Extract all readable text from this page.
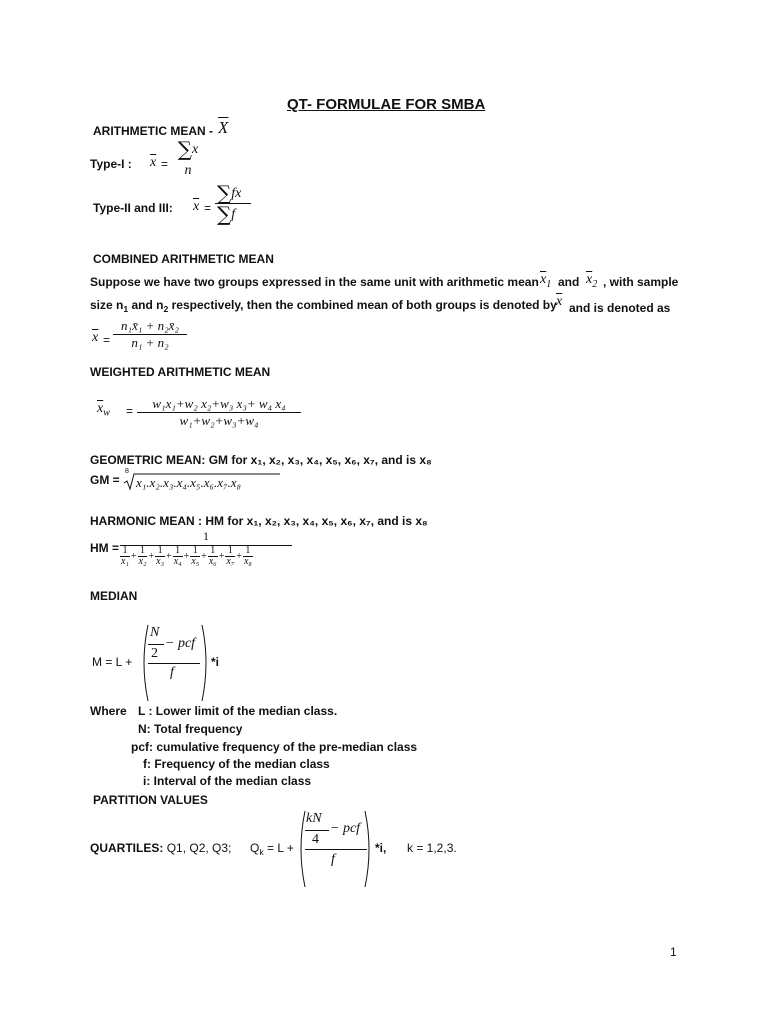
QT- FORMULAE FOR SMBA
ARITHMETIC MEAN - $\overline{X}$
Type-I : $\overline{x}$ =
∑x
n
Type-II and III: $\overline{x} = \frac{\sum fx}{\sum f}$
COMBINED ARITHMETIC MEAN
Suppose we have two groups expressed in the same unit with arithmetic mean $x_1$ and $x_2$ , with sample
size $n_1$ and $n_2$ respectively, then the combined mean of both groups is denoted by $\overline{x}$ and is denoted as
$\overline{x} = \frac{\text{n₁x̄₁ + n₂x̄₂}}{\text{n₁ + n₂}}$
WEIGHTED ARITHMETIC MEAN
$\overline{x}_w = \frac{\text{w₁x₁+w₂ x₂+w₃ x₃+ w₄ x₄}}{\text{w₁+w₂+w₃+w₄}}$
GEOMETRIC MEAN: GM for x₁, x₂, x₃, x₄, x₅, x₆, x₇, and is x₈
GM =
8
x₁.x₂.x₃.x₄.x₅.x₆.x₇.x₈
HARMONIC MEAN : HM for x₁, x₂, x₃, x₄, x₅, x₆, x₇, and is x₈
HM =
1
$\frac{1}{\text{x₁}} + \frac{1}{\text{x₂}} + \frac{1}{\text{x₃}} + \frac{1}{\text{x₄}} + \frac{1}{\text{x₅}} + \frac{1}{\text{x₆}} + \frac{1}{\text{x₇}} + \frac{1}{\text{x₈}}$
MEDIAN
M = L +
N
2
− pcf
f
*i
Where L : Lower limit of the median class.
N: Total frequency
pcf: cumulative frequency of the pre-median class
f: Frequency of the median class
i: Interval of the median class
PARTITION VALUES
QUARTILES: Q1, Q2, Q3; $Q_k = L$ +
kN
4
− pcf
f
*i, k = 1,2,3.
1
